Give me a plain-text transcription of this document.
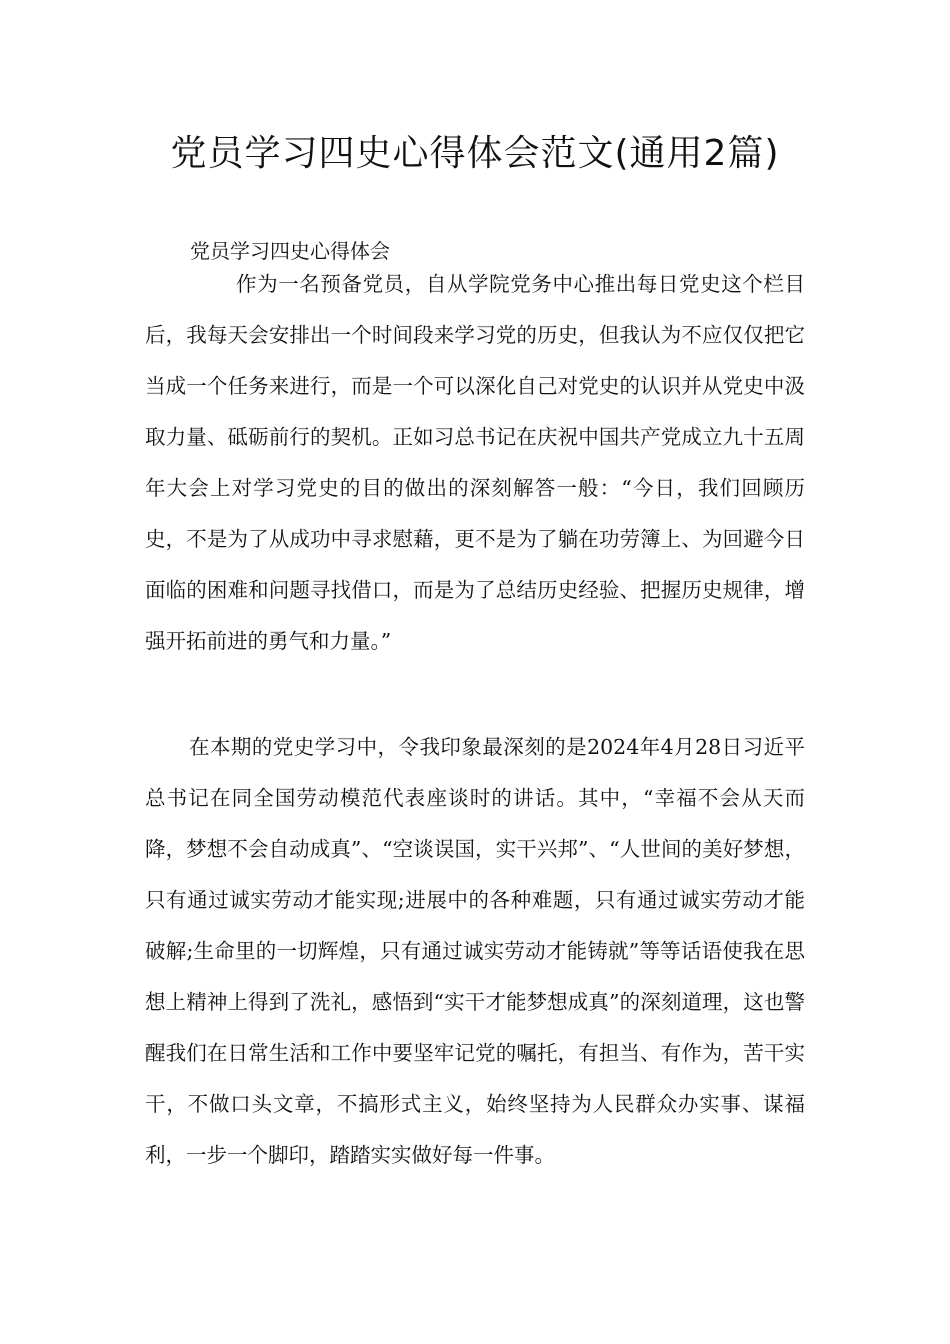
党员学习四史心得体会范文(通用2篇)

党员学习四史心得体会

作为一名预备党员，自从学院党务中心推出每日党史这个栏目后，我每天会安排出一个时间段来学习党的历史，但我认为不应仅仅把它当成一个任务来进行，而是一个可以深化自己对党史的认识并从党史中汲取力量、砥砺前行的契机。正如习总书记在庆祝中国共产党成立九十五周年大会上对学习党史的目的做出的深刻解答一般：“今日，我们回顾历史，不是为了从成功中寻求慰藉，更不是为了躺在功劳簿上、为回避今日面临的困难和问题寻找借口，而是为了总结历史经验、把握历史规律，增强开拓前进的勇气和力量。”

在本期的党史学习中，令我印象最深刻的是2024年4月28日习近平总书记在同全国劳动模范代表座谈时的讲话。其中，“幸福不会从天而降，梦想不会自动成真”、“空谈误国，实干兴邦”、“人世间的美好梦想，只有通过诚实劳动才能实现;进展中的各种难题，只有通过诚实劳动才能破解;生命里的一切辉煌，只有通过诚实劳动才能铸就”等等话语使我在思想上精神上得到了洗礼，感悟到“实干才能梦想成真”的深刻道理，这也警醒我们在日常生活和工作中要坚牢记党的嘱托，有担当、有作为，苦干实干，不做口头文章，不搞形式主义，始终坚持为人民群众办实事、谋福利，一步一个脚印，踏踏实实做好每一件事。
